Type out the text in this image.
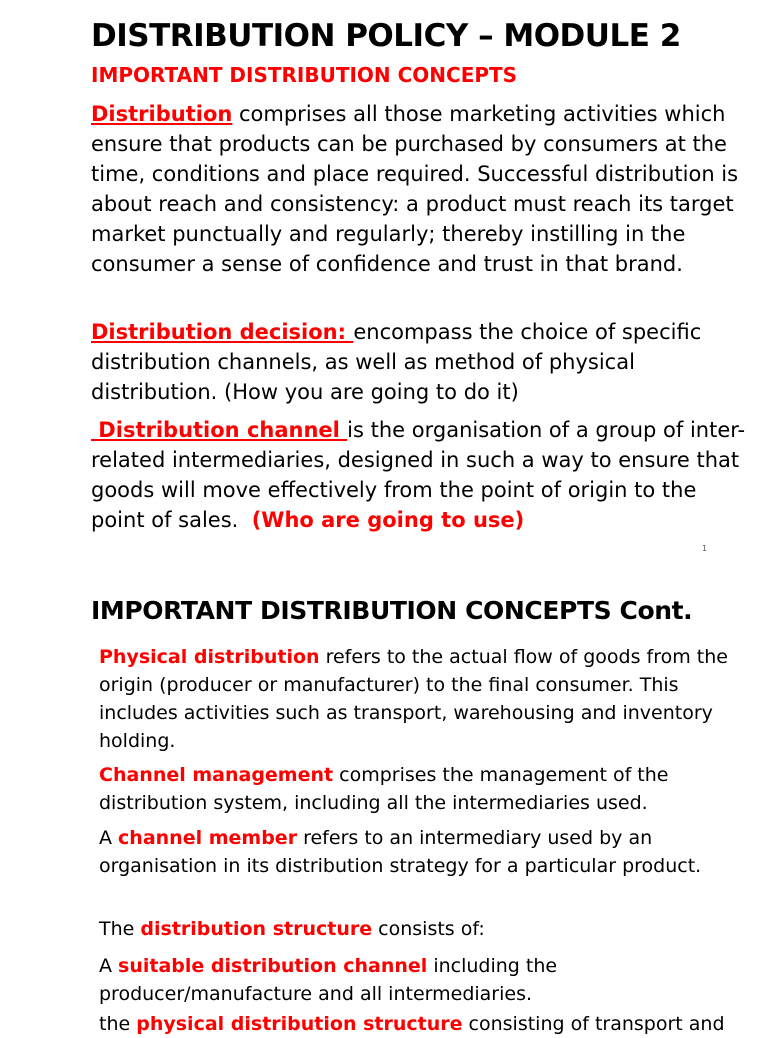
DISTRIBUTION POLICY – MODULE 2
IMPORTANT DISTRIBUTION CONCEPTS

Distribution comprises all those marketing activities which ensure that products can be purchased by consumers at the time, conditions and place required. Successful distribution is about reach and consistency: a product must reach its target market punctually and regularly; thereby instilling in the consumer a sense of confidence and trust in that brand.

Distribution decision: encompass the choice of specific distribution channels, as well as method of physical distribution. (How you are going to do it)

Distribution channel is the organisation of a group of inter-related intermediaries, designed in such a way to ensure that goods will move effectively from the point of origin to the point of sales.  (Who are going to use)

1
IMPORTANT DISTRIBUTION CONCEPTS Cont.

Physical distribution refers to the actual flow of goods from the origin (producer or manufacturer) to the final consumer. This includes activities such as transport, warehousing and inventory holding.

Channel management comprises the management of the distribution system, including all the intermediaries used.

A channel member refers to an intermediary used by an organisation in its distribution strategy for a particular product.

The distribution structure consists of:

A suitable distribution channel including the producer/manufacture and all intermediaries.

the physical distribution structure consisting of transport and
